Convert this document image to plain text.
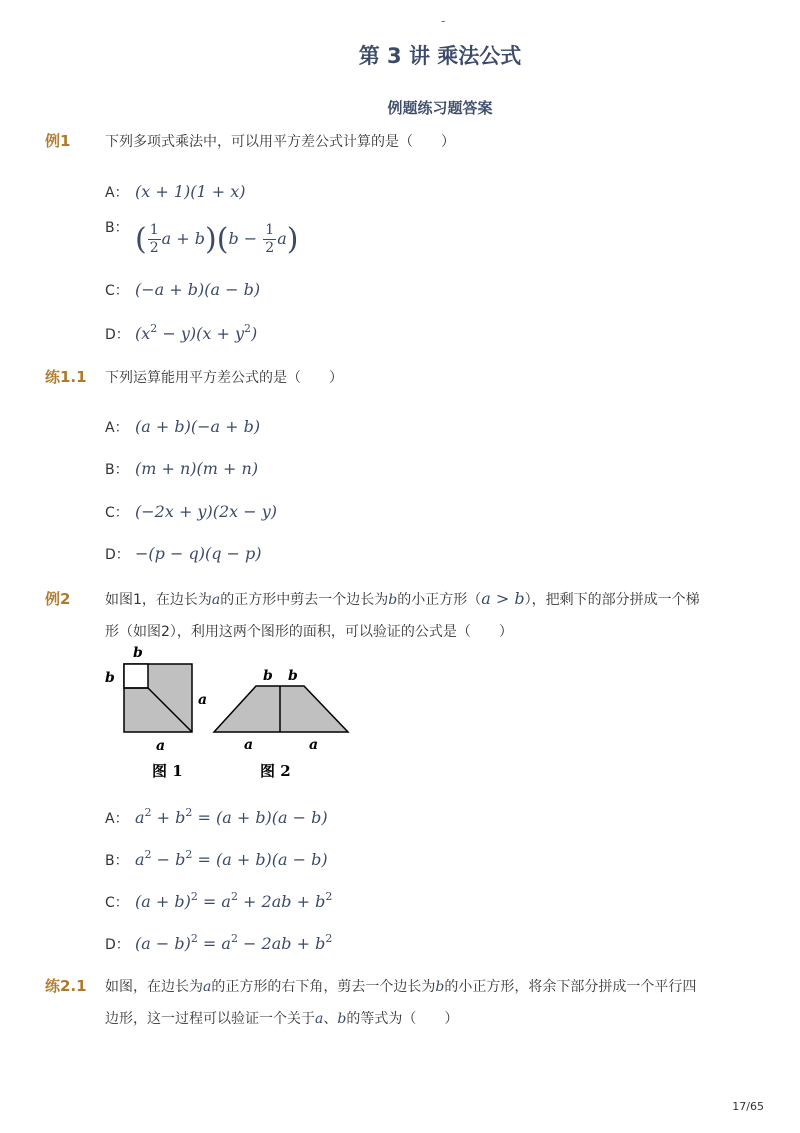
-
第 3 讲 乘法公式
例题练习题答案
例1 下列多项式乘法中，可以用平方差公式计算的是（　　）
A： (x + 1)(1 + x)
B： ( $\frac{1}{2}$ $a + b)(b - \frac{1}{2} a)$
C： (−a + b)(a − b)
D： $(x^2 - y)(x + y^2)$
练1.1 下列运算能用平方差公式的是（　　）
A： (a + b)(−a + b)
B： (m + n)(m + n)
C： (−2x + y)(2x − y)
D： −(p − q)(q − p)
例2 如图1，在边长为a的正方形中剪去一个边长为b的小正方形（a > b），把剩下的部分拼成一个梯
形（如图2），利用这两个图形的面积，可以验证的公式是（　　）
b
b
a
a
图 1
b b
a	a
图 2
A： $a^2 + b^2 = (a + b)(a - b)$
B： $a^2 - b^2 = (a + b)(a - b)$
C： $(a + b)^2 = a^2 + 2ab + b^2$
D： $(a - b)^2 = a^2 - 2ab + b^2$
练2.1 如图，在边长为a的正方形的右下角，剪去一个边长为b的小正方形，将余下部分拼成一个平行四
边形，这一过程可以验证一个关于a、b的等式为（　　）
17/65
